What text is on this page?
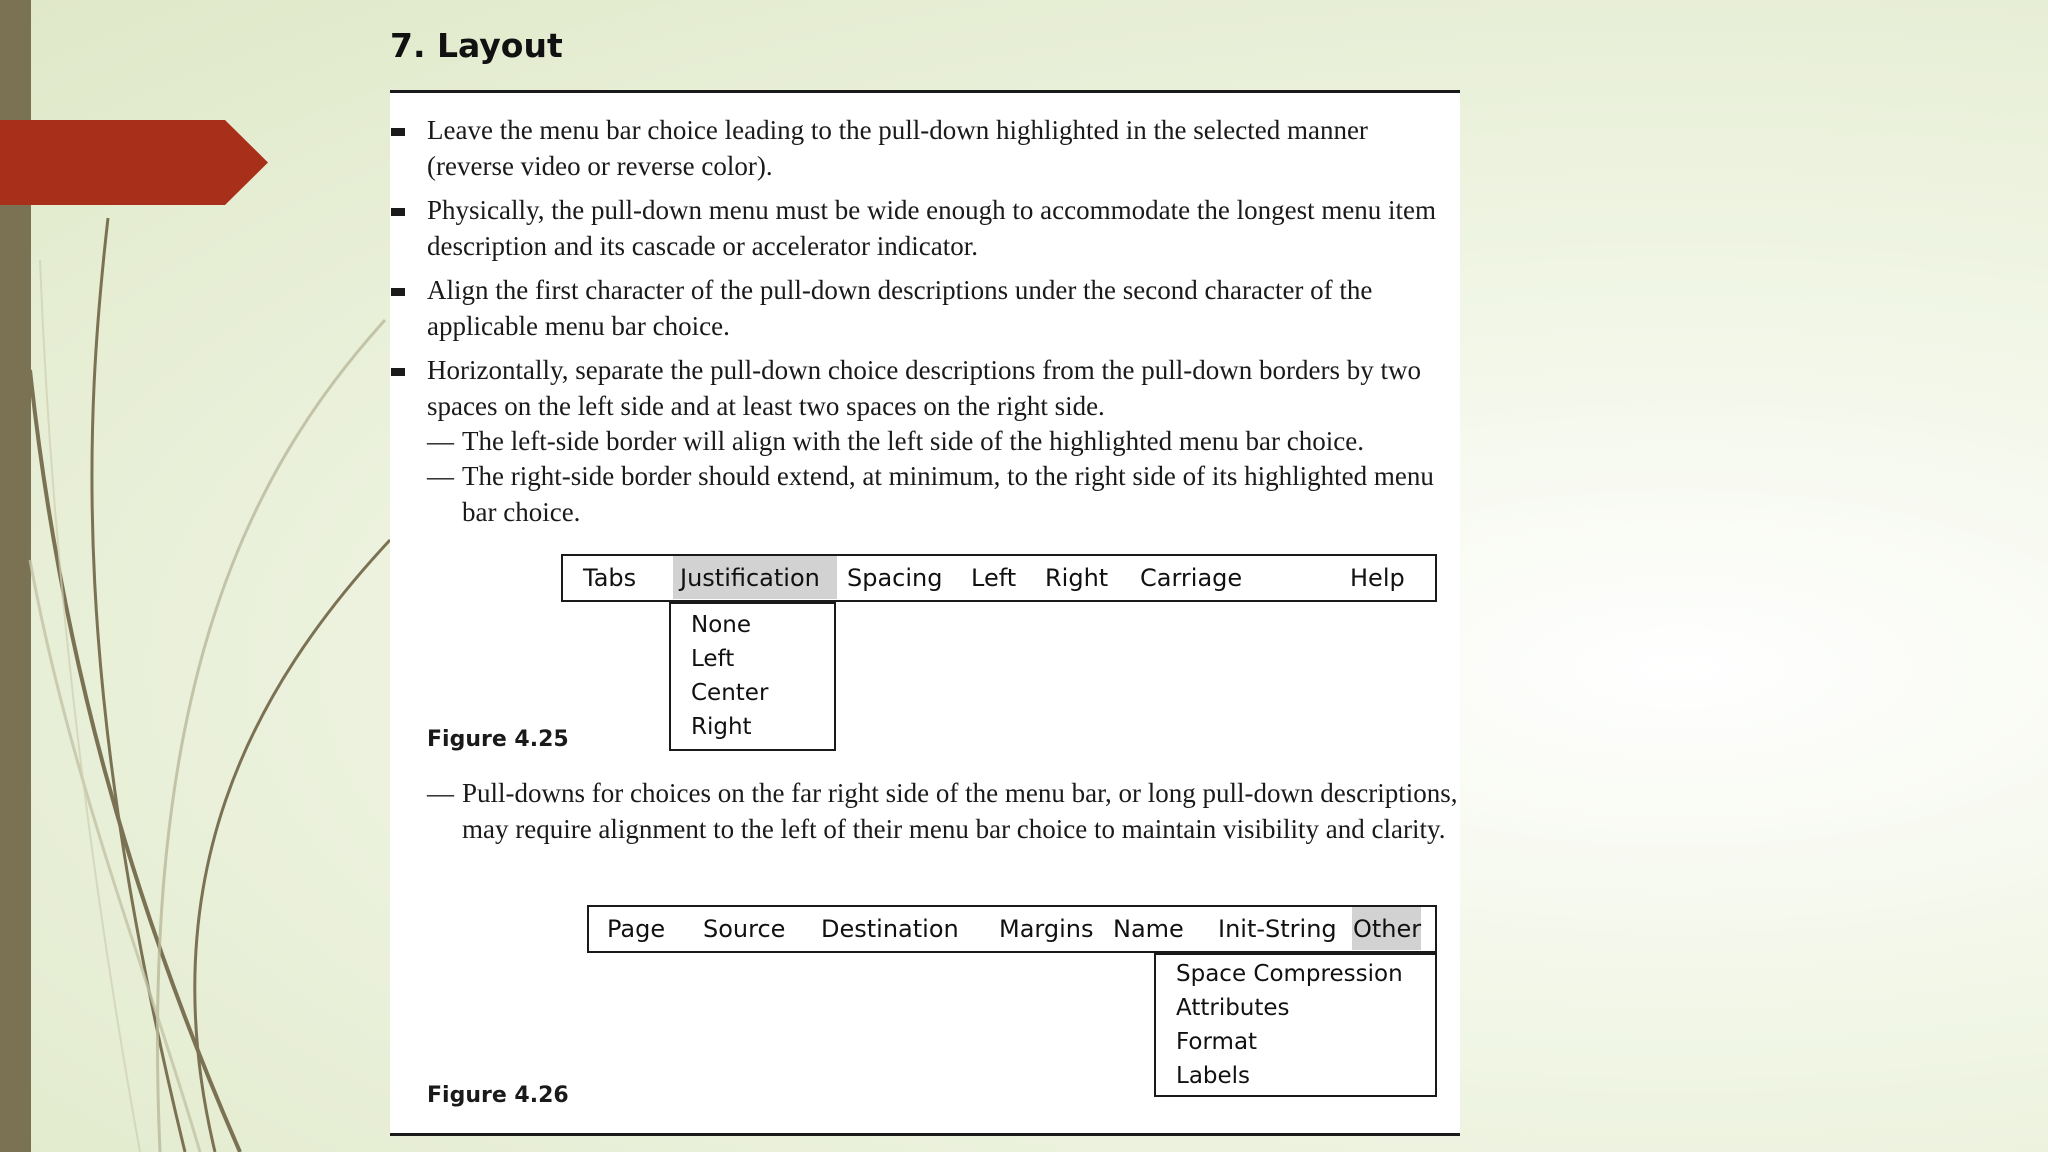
7. Layout
Leave the menu bar choice leading to the pull-down highlighted in the selected manner (reverse video or reverse color).
Physically, the pull-down menu must be wide enough to accommodate the longest menu item description and its cascade or accelerator indicator.
Align the first character of the pull-down descriptions under the second character of the applicable menu bar choice.
Horizontally, separate the pull-down choice descriptions from the pull-down borders by two spaces on the left side and at least two spaces on the right side.
— The left-side border will align with the left side of the highlighted menu bar choice.
— The right-side border should extend, at minimum, to the right side of its highlighted menu bar choice.
Tabs Justification Spacing Left Right Carriage	Help
None
Left
Center
Right
Figure 4.25
— Pull-downs for choices on the far right side of the menu bar, or long pull-down descriptions, may require alignment to the left of their menu bar choice to maintain visibility and clarity.
Page Source Destination Margins Name Init-String Other
Space Compression
Attributes
Format
Labels
Figure 4.26
